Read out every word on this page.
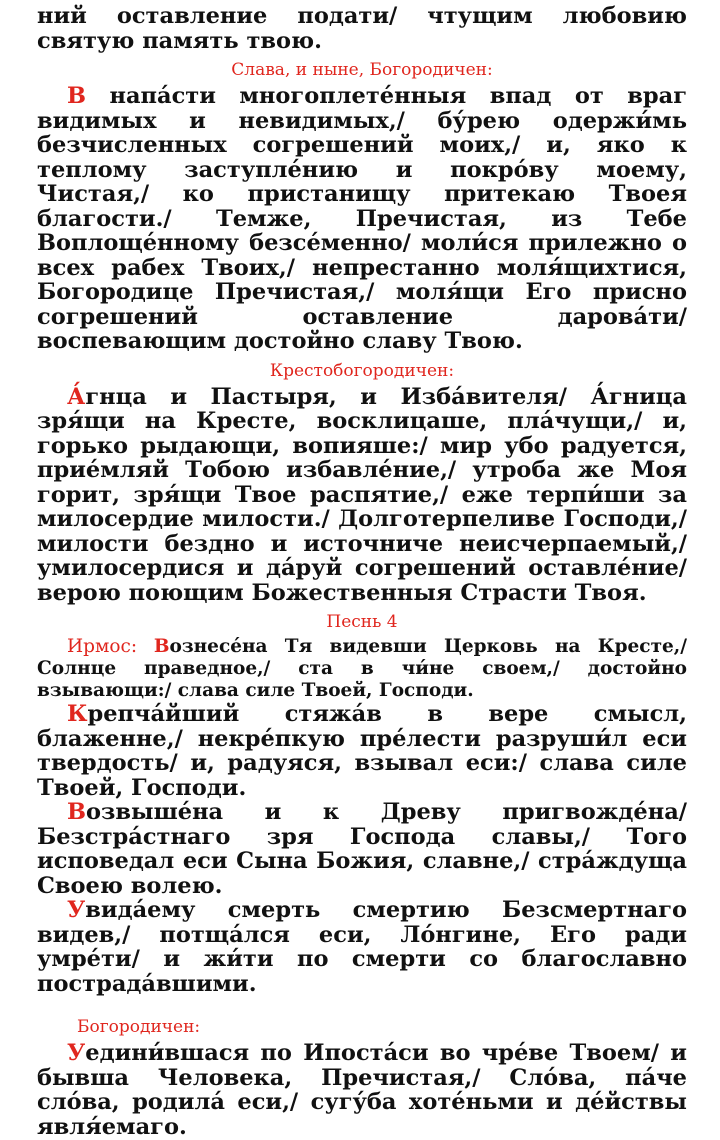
ний оставление подати/ чтущим любовию святую память твою.

Слава, и ныне, Богородичен:

В напа́сти многоплете́нныя впад от враг видимых и невидимых,/ бу́рею одержи́мь безчисленных согрешений моих,/ и, яко к теплому заступле́нию и покро́ву моему, Чистая,/ ко пристанищу притекаю Твоея благости./ Темже, Пречистая, из Тебе Воплоще́нному безсе́менно/ моли́ся прилежно о всех рабех Твоих,/ непрестанно моля́щихтися, Богородице Пречистая,/ моля́щи Его присно согрешений оставление дарова́ти/ воспевающим достойно славу Твою.

Крестобогородичен:

А́гнца и Пастыря, и Изба́вителя/ А́гница зря́щи на Кресте, восклицаше, пла́чущи,/ и, горько рыдающи, вопияше:/ мир убо радуется, прие́мляй Тобою избавле́ние,/ утроба же Моя горит, зря́щи Твое распятие,/ еже терпи́ши за милосердие милости./ Долготерпеливе Господи,/ милости бездно и источниче неисчерпаемый,/ умилосердися и да́руй согрешений оставле́ние/ верою поющим Божественныя Страсти Твоя.

Песнь 4

Ирмос: Вознесе́на Тя видевши Церковь на Кресте,/ Солнце праведное,/ ста в чи́не своем,/ достойно взывающи:/ слава силе Твоей, Господи.

Крепча́йший стяжа́в в вере смысл, блаженне,/ некре́пкую пре́лести разруши́л еси твердость/ и, радуяся, взывал еси:/ слава силе Твоей, Господи.

Возвыше́на и к Древу пригвожде́на/ Безстра́стнаго зря Господа славы,/ Того исповедал еси Сына Божия, славне,/ стра́ждуща Своею волею.

Увида́ему смерть смертию Безсмертнаго видев,/ потща́лся еси, Ло́нгине, Его ради умре́ти/ и жи́ти по смерти со благославно пострада́вшими.

Богородичен:

Уедини́вшася по Ипоста́си во чре́ве Твоем/ и бывша Человека, Пречистая,/ Сло́ва, па́че сло́ва, родила́ еси,/ сугу́ба хоте́ньми и де́йствы явля́емаго.
